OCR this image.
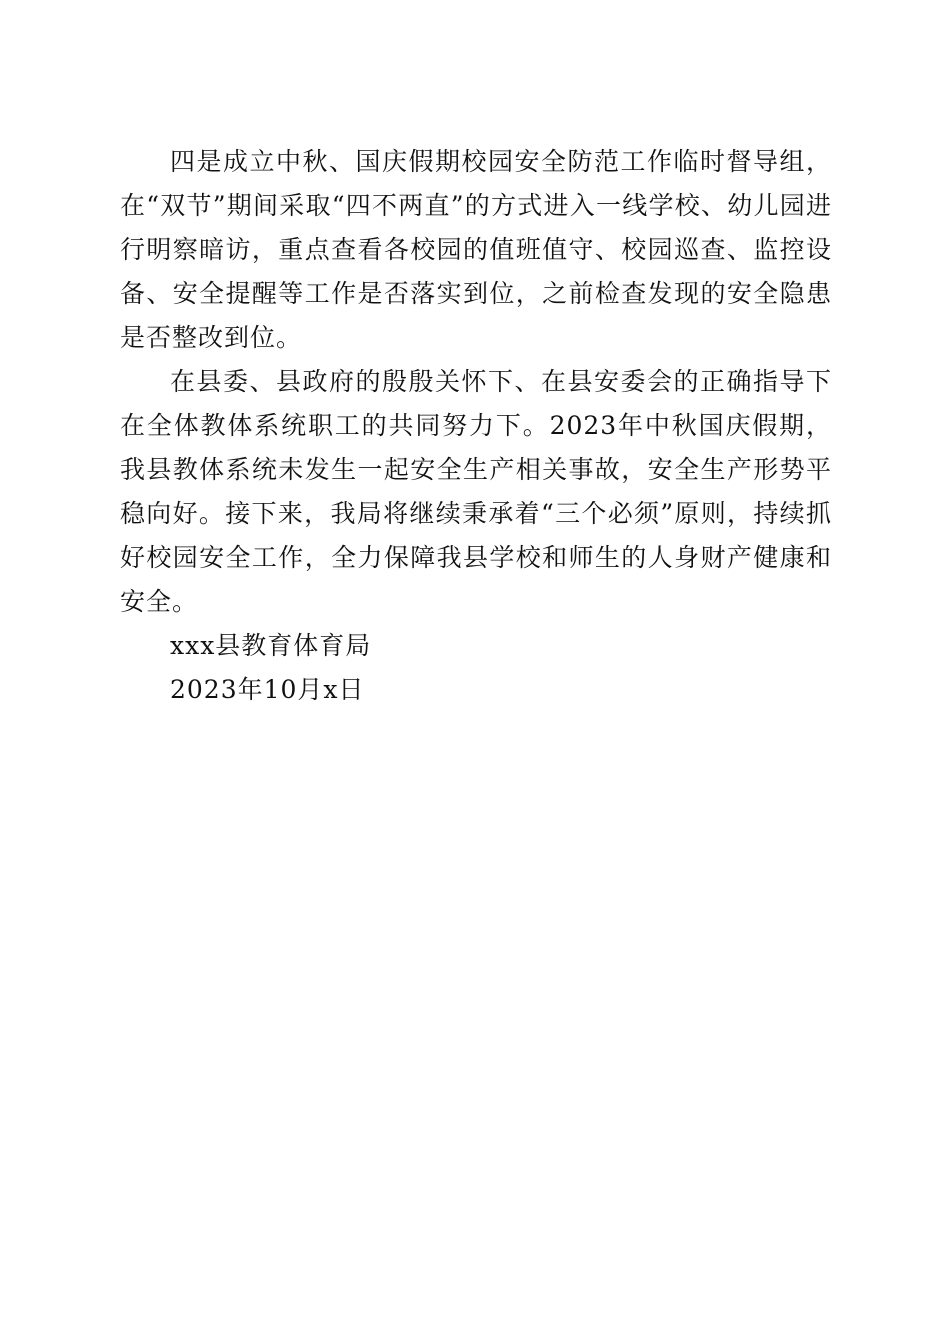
四是成立中秋、国庆假期校园安全防范工作临时督导组，在“双节”期间采取“四不两直”的方式进入一线学校、幼儿园进行明察暗访，重点查看各校园的值班值守、校园巡查、监控设备、安全提醒等工作是否落实到位，之前检查发现的安全隐患是否整改到位。

在县委、县政府的殷殷关怀下、在县安委会的正确指导下在全体教体系统职工的共同努力下。2023年中秋国庆假期，我县教体系统未发生一起安全生产相关事故，安全生产形势平稳向好。接下来，我局将继续秉承着“三个必须”原则，持续抓好校园安全工作，全力保障我县学校和师生的人身财产健康和安全。

xxx县教育体育局

2023年10月x日
